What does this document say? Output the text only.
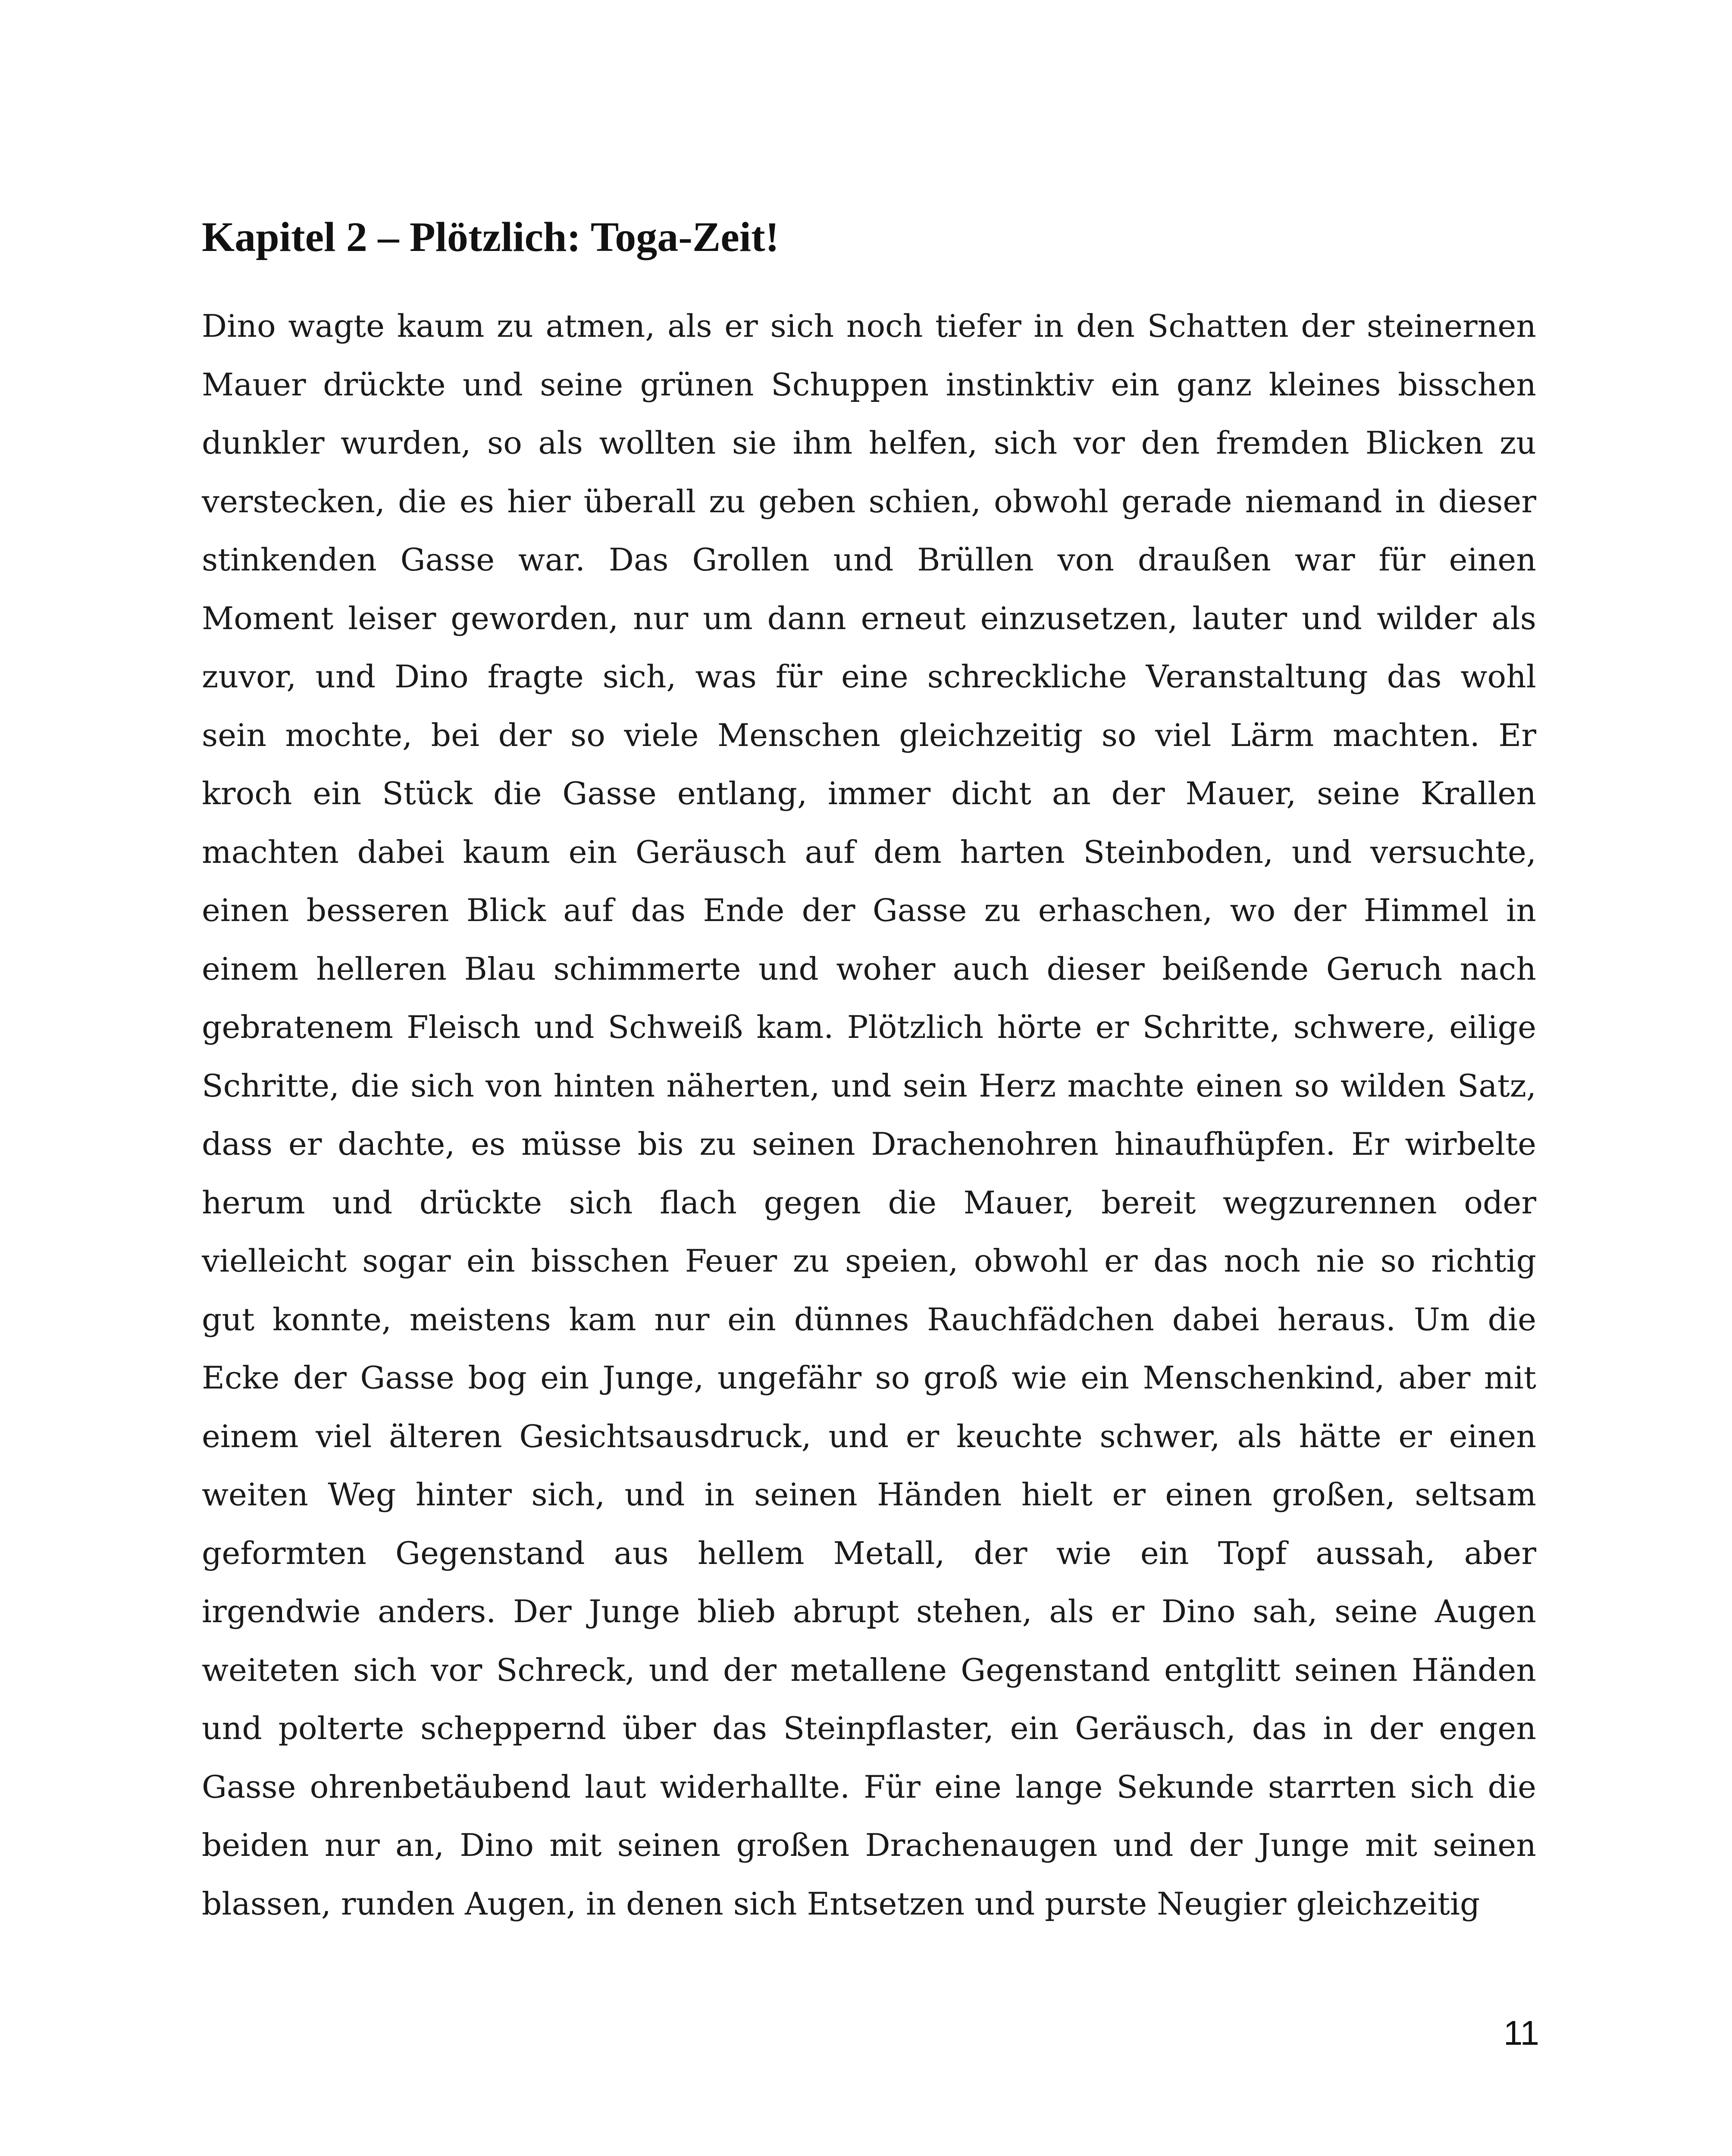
Kapitel 2 – Plötzlich: Toga-Zeit!
Dino wagte kaum zu atmen, als er sich noch tiefer in den Schatten der steinernen
Mauer drückte und seine grünen Schuppen instinktiv ein ganz kleines bisschen
dunkler wurden, so als wollten sie ihm helfen, sich vor den fremden Blicken zu
verstecken, die es hier überall zu geben schien, obwohl gerade niemand in dieser
stinkenden Gasse war. Das Grollen und Brüllen von draußen war für einen
Moment leiser geworden, nur um dann erneut einzusetzen, lauter und wilder als
zuvor, und Dino fragte sich, was für eine schreckliche Veranstaltung das wohl
sein mochte, bei der so viele Menschen gleichzeitig so viel Lärm machten. Er
kroch ein Stück die Gasse entlang, immer dicht an der Mauer, seine Krallen
machten dabei kaum ein Geräusch auf dem harten Steinboden, und versuchte,
einen besseren Blick auf das Ende der Gasse zu erhaschen, wo der Himmel in
einem helleren Blau schimmerte und woher auch dieser beißende Geruch nach
gebratenem Fleisch und Schweiß kam. Plötzlich hörte er Schritte, schwere, eilige
Schritte, die sich von hinten näherten, und sein Herz machte einen so wilden Satz,
dass er dachte, es müsse bis zu seinen Drachenohren hinaufhüpfen. Er wirbelte
herum und drückte sich flach gegen die Mauer, bereit wegzurennen oder
vielleicht sogar ein bisschen Feuer zu speien, obwohl er das noch nie so richtig
gut konnte, meistens kam nur ein dünnes Rauchfädchen dabei heraus. Um die
Ecke der Gasse bog ein Junge, ungefähr so groß wie ein Menschenkind, aber mit
einem viel älteren Gesichtsausdruck, und er keuchte schwer, als hätte er einen
weiten Weg hinter sich, und in seinen Händen hielt er einen großen, seltsam
geformten Gegenstand aus hellem Metall, der wie ein Topf aussah, aber
irgendwie anders. Der Junge blieb abrupt stehen, als er Dino sah, seine Augen
weiteten sich vor Schreck, und der metallene Gegenstand entglitt seinen Händen
und polterte scheppernd über das Steinpflaster, ein Geräusch, das in der engen
Gasse ohrenbetäubend laut widerhallte. Für eine lange Sekunde starrten sich die
beiden nur an, Dino mit seinen großen Drachenaugen und der Junge mit seinen
blassen, runden Augen, in denen sich Entsetzen und purste Neugier gleichzeitig
11
